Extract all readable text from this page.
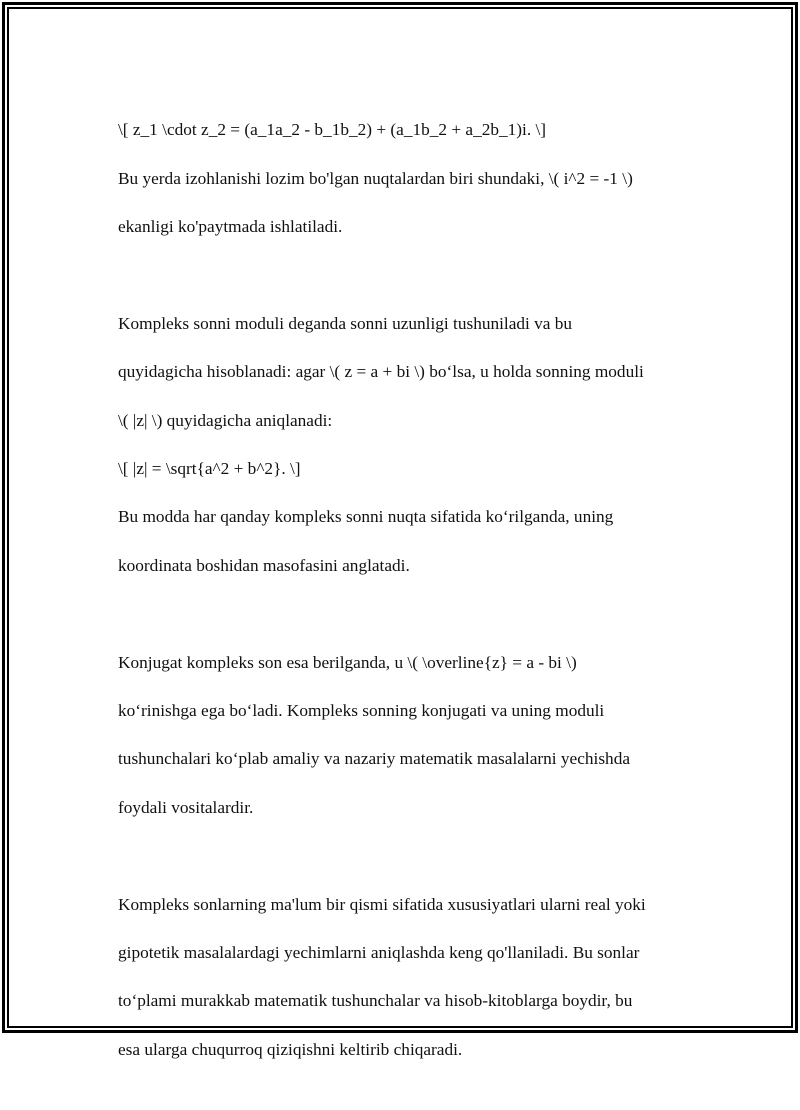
\[ z_1 \cdot z_2 = (a_1a_2 - b_1b_2) + (a_1b_2 + a_2b_1)i. \]

Bu yerda izohlanishi lozim bo'lgan nuqtalardan biri shundaki, \( i^2 = -1 \)

ekanligi ko'paytmada ishlatiladi.

Kompleks sonni moduli deganda sonni uzunligi tushuniladi va bu

quyidagicha hisoblanadi: agar \( z = a + bi \) bo‘lsa, u holda sonning moduli

\( |z| \) quyidagicha aniqlanadi:

\[ |z| = \sqrt{a^2 + b^2}. \]

Bu modda har qanday kompleks sonni nuqta sifatida ko‘rilganda, uning

koordinata boshidan masofasini anglatadi.

Konjugat kompleks son esa berilganda, u \( \overline{z} = a - bi \)

ko‘rinishga ega bo‘ladi. Kompleks sonning konjugati va uning moduli

tushunchalari ko‘plab amaliy va nazariy matematik masalalarni yechishda

foydali vositalardir.

Kompleks sonlarning ma'lum bir qismi sifatida xususiyatlari ularni real yoki

gipotetik masalalardagi yechimlarni aniqlashda keng qo'llaniladi. Bu sonlar

to‘plami murakkab matematik tushunchalar va hisob-kitoblarga boydir, bu

esa ularga chuqurroq qiziqishni keltirib chiqaradi.
